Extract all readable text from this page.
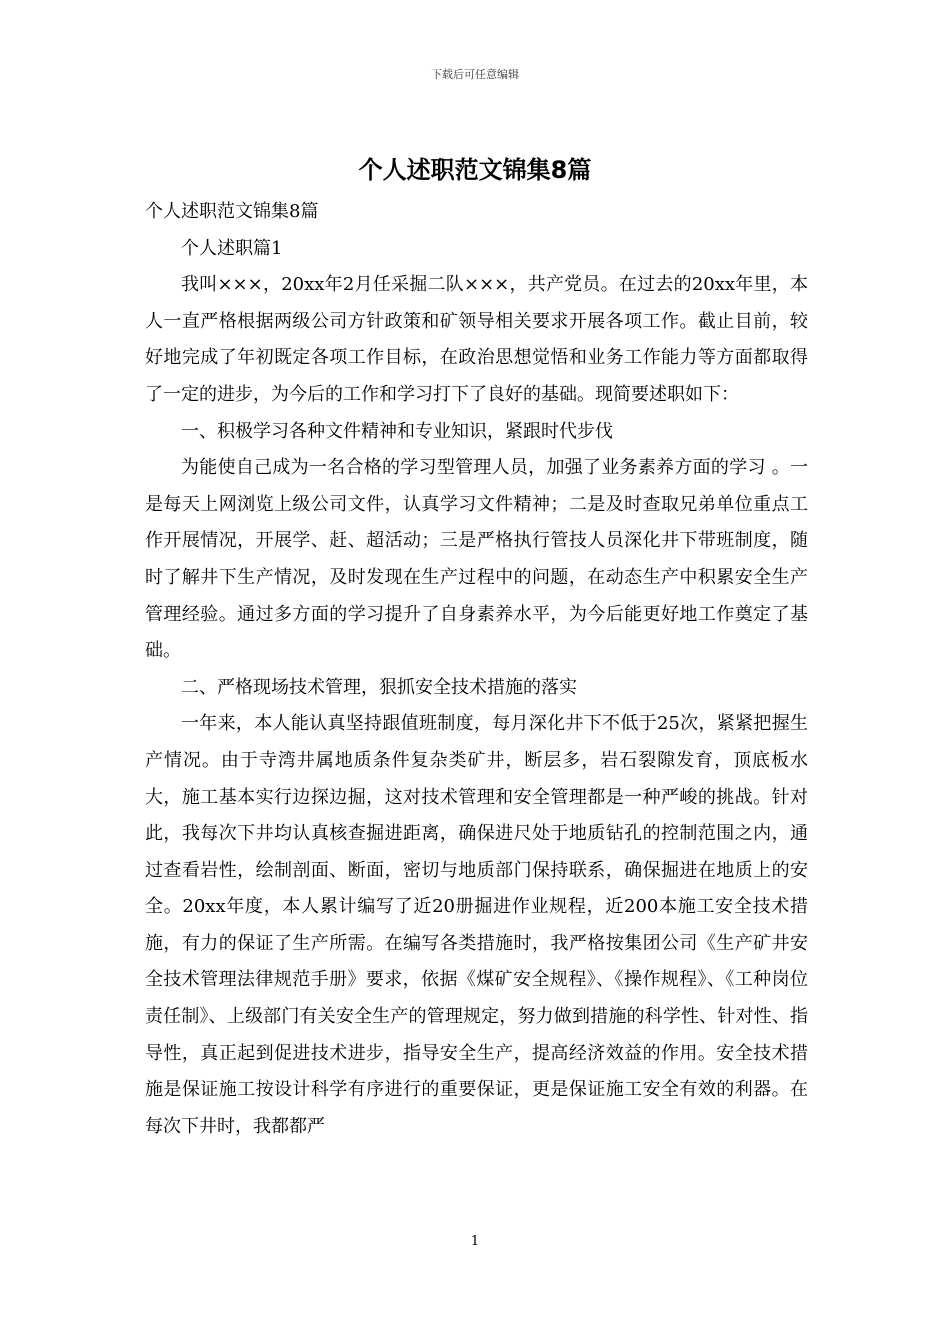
下载后可任意编辑
个人述职范文锦集8篇

个人述职范文锦集8篇

个人述职篇1

我叫×××，20xx年2月任采掘二队×××，共产党员。在过去的20xx年里，本人一直严格根据两级公司方针政策和矿领导相关要求开展各项工作。截止目前，较好地完成了年初既定各项工作目标，在政治思想觉悟和业务工作能力等方面都取得了一定的进步，为今后的工作和学习打下了良好的基础。现简要述职如下：

一、积极学习各种文件精神和专业知识，紧跟时代步伐

为能使自己成为一名合格的学习型管理人员，加强了业务素养方面的学习 。一是每天上网浏览上级公司文件，认真学习文件精神；二是及时查取兄弟单位重点工作开展情况，开展学、赶、超活动；三是严格执行管技人员深化井下带班制度，随时了解井下生产情况，及时发现在生产过程中的问题，在动态生产中积累安全生产管理经验。通过多方面的学习提升了自身素养水平，为今后能更好地工作奠定了基础。

二、严格现场技术管理，狠抓安全技术措施的落实

一年来，本人能认真坚持跟值班制度，每月深化井下不低于25次，紧紧把握生产情况。由于寺湾井属地质条件复杂类矿井，断层多，岩石裂隙发育，顶底板水大，施工基本实行边探边掘，这对技术管理和安全管理都是一种严峻的挑战。针对此，我每次下井均认真核查掘进距离，确保进尺处于地质钻孔的控制范围之内，通过查看岩性，绘制剖面、断面，密切与地质部门保持联系，确保掘进在地质上的安全。20xx年度，本人累计编写了近20册掘进作业规程，近200本施工安全技术措施，有力的保证了生产所需。在编写各类措施时，我严格按集团公司《生产矿井安全技术管理法律规范手册》要求，依据《煤矿安全规程》、《操作规程》、《工种岗位责任制》、上级部门有关安全生产的管理规定，努力做到措施的科学性、针对性、指导性，真正起到促进技术进步，指导安全生产，提高经济效益的作用。安全技术措施是保证施工按设计科学有序进行的重要保证，更是保证施工安全有效的利器。在每次下井时，我都都严

1
